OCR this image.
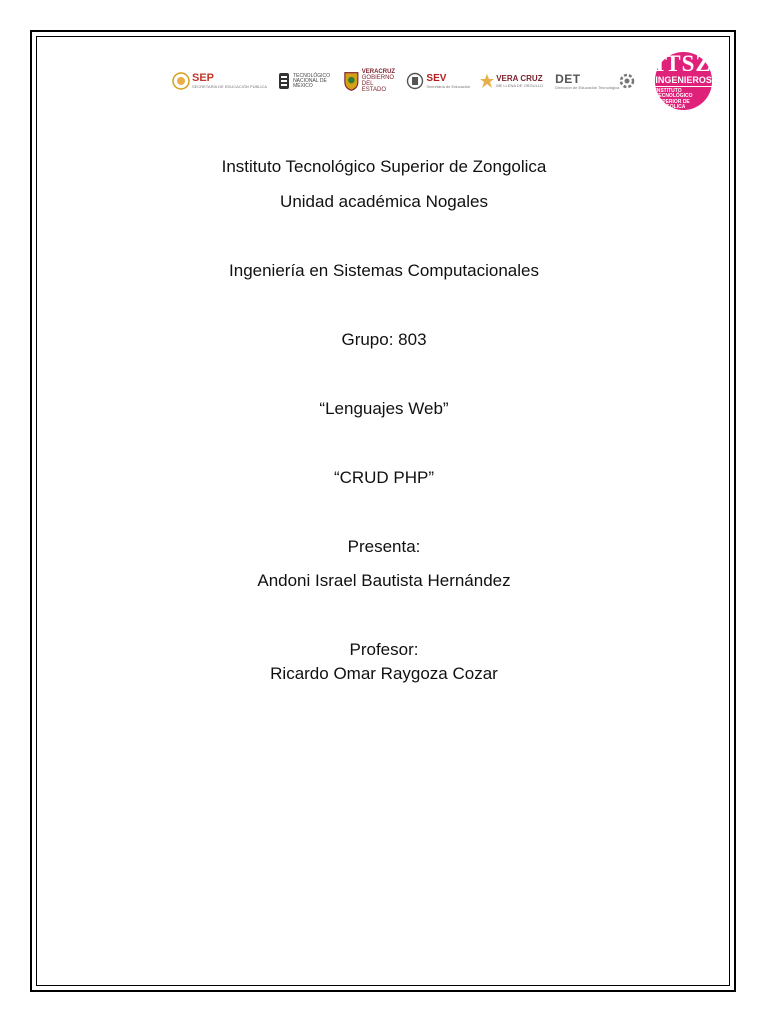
SEP
SECRETARÍA DE EDUCACIÓN PÚBLICA
TECNOLÓGICO NACIONAL DE MÉXICO
VERACRUZ
GOBIERNO
DEL ESTADO
SEV
Secretaría de Educación
VERA CRUZ
ME LLENA DE ORGULLO DET
Dirección de Educación Tecnológica
ITSZ
INGENIEROS
INSTITUTO TECNOLÓGICO
SUPERIOR DE ZONGOLICA
Instituto Tecnológico Superior de Zongolica
Unidad académica Nogales
Ingeniería en Sistemas Computacionales
Grupo: 803
“Lenguajes Web”
“CRUD PHP”
Presenta:
Andoni Israel Bautista Hernández
Profesor:
Ricardo Omar Raygoza Cozar
